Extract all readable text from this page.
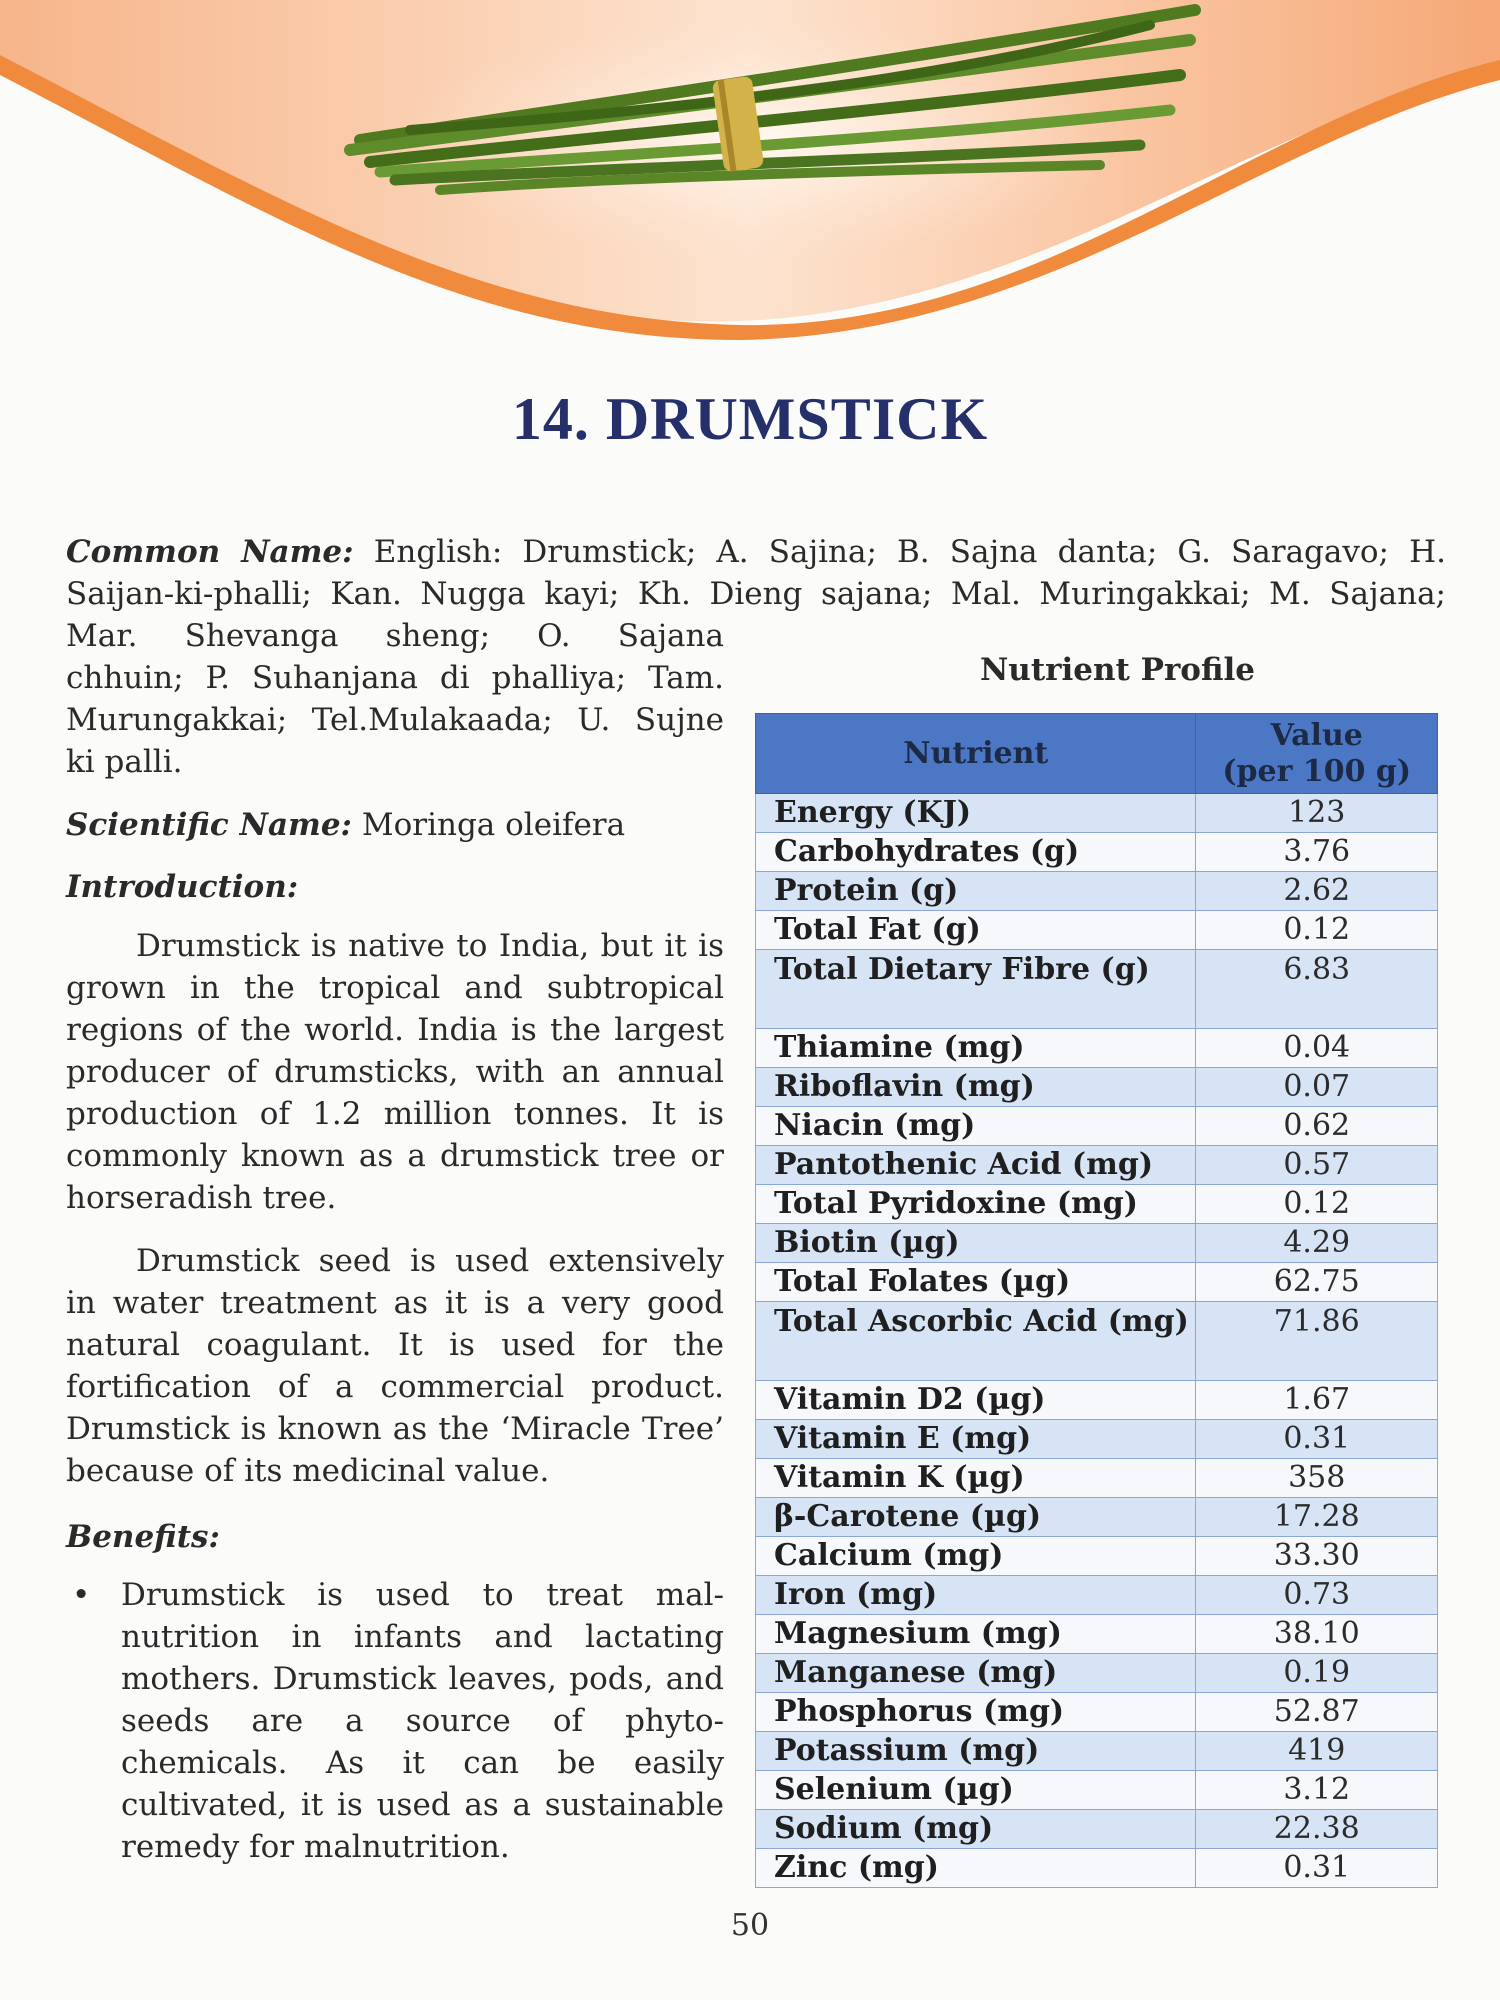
14. DRUMSTICK
Common Name: English: Drumstick; A. Sajina; B. Sajna danta; G. Saragavo; H.
Saijan-ki-phalli; Kan. Nugga kayi; Kh. Dieng sajana; Mal. Muringakkai; M. Sajana;
Mar. Shevanga sheng; O. Sajana
chhuin; P. Suhanjana di phalliya; Tam.
Murungakkai; Tel.Mulakaada; U. Sujne
ki palli.
Scientific Name: Moringa oleifera
Introduction:
Drumstick is native to India, but it is grown in the tropical and subtropical regions of the world. India is the largest producer of drumsticks, with an annual production of 1.2 million tonnes. It is commonly known as a drumstick tree or horseradish tree.
Drumstick seed is used extensively in water treatment as it is a very good natural coagulant. It is used for the fortification of a commercial product. Drumstick is known as the ‘Miracle Tree’ because of its medicinal value.
Benefits:
• Drumstick is used to treat mal-nutrition in infants and lactating mothers. Drumstick leaves, pods, and seeds are a source of phyto-chemicals. As it can be easily cultivated, it is used as a sustainable remedy for malnutrition.
Nutrient Profile
Nutrient	Value
(per 100 g)
Energy (KJ)	123
Carbohydrates (g)	3.76
Protein (g)	2.62
Total Fat (g)	0.12
Total Dietary Fibre (g)	6.83
Thiamine (mg)	0.04
Riboflavin (mg)	0.07
Niacin (mg)	0.62
Pantothenic Acid (mg)	0.57
Total Pyridoxine (mg)	0.12
Biotin (µg)	4.29
Total Folates (µg)	62.75
Total Ascorbic Acid (mg)	71.86
Vitamin D2 (µg)	1.67
Vitamin E (mg)	0.31
Vitamin K (µg)	358
β-Carotene (µg)	17.28
Calcium (mg)	33.30
Iron (mg)	0.73
Magnesium (mg)	38.10
Manganese (mg)	0.19
Phosphorus (mg)	52.87
Potassium (mg)	419
Selenium (µg)	3.12
Sodium (mg)	22.38
Zinc (mg)	0.31
50
